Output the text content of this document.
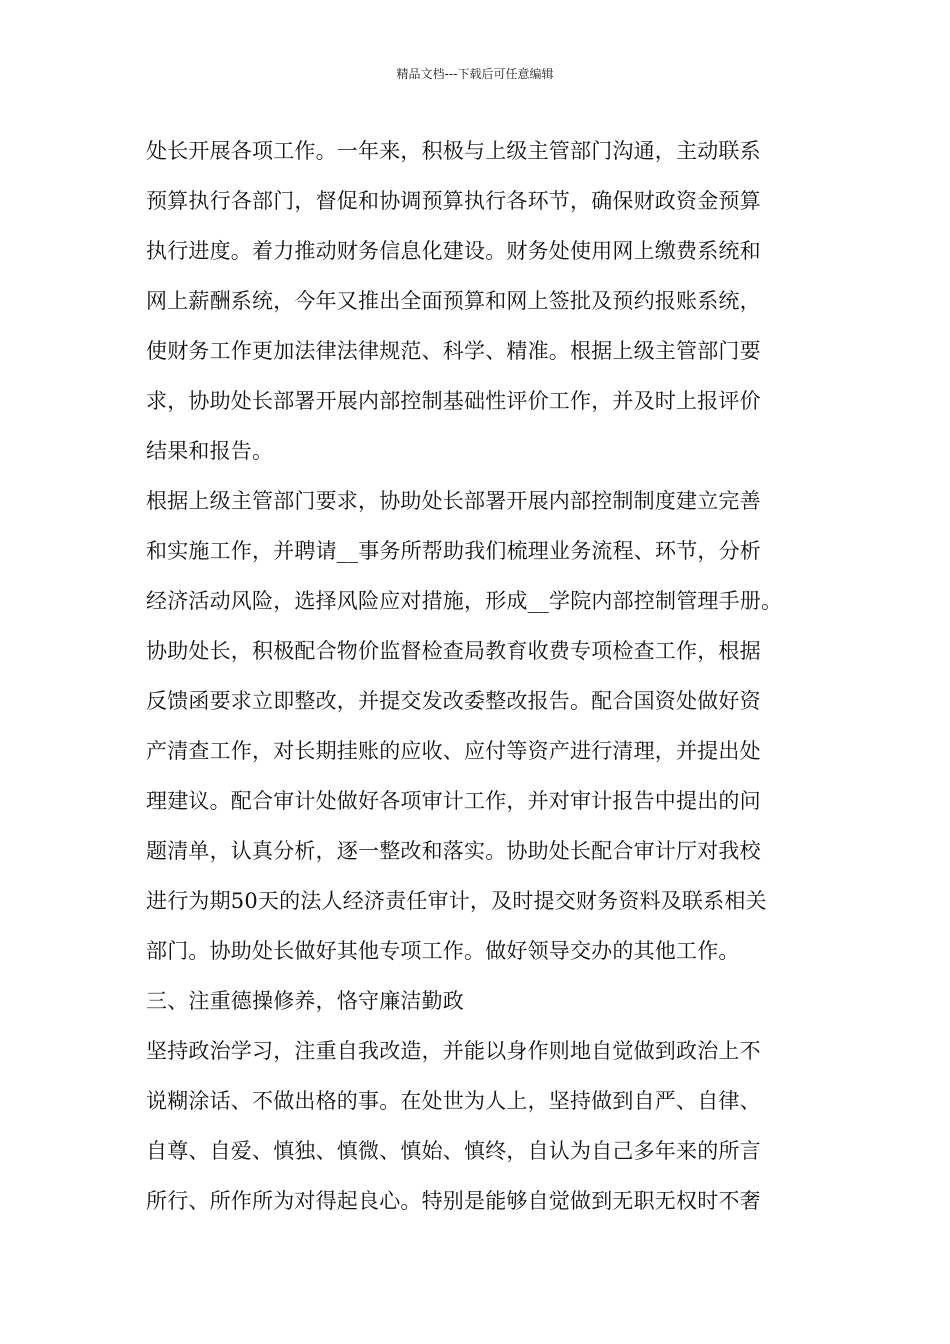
精品文档---下载后可任意编辑
处长开展各项工作。一年来，积极与上级主管部门沟通，主动联系
预算执行各部门，督促和协调预算执行各环节，确保财政资金预算
执行进度。着力推动财务信息化建设。财务处使用网上缴费系统和
网上薪酬系统，今年又推出全面预算和网上签批及预约报账系统，
使财务工作更加法律法律规范、科学、精准。根据上级主管部门要
求，协助处长部署开展内部控制基础性评价工作，并及时上报评价
结果和报告。
根据上级主管部门要求，协助处长部署开展内部控制制度建立完善
和实施工作，并聘请__事务所帮助我们梳理业务流程、环节，分析
经济活动风险，选择风险应对措施，形成__学院内部控制管理手册。
协助处长，积极配合物价监督检查局教育收费专项检查工作，根据
反馈函要求立即整改，并提交发改委整改报告。配合国资处做好资
产清查工作，对长期挂账的应收、应付等资产进行清理，并提出处
理建议。配合审计处做好各项审计工作，并对审计报告中提出的问
题清单，认真分析，逐一整改和落实。协助处长配合审计厅对我校
进行为期50天的法人经济责任审计，及时提交财务资料及联系相关
部门。协助处长做好其他专项工作。做好领导交办的其他工作。
三、注重德操修养，恪守廉洁勤政
坚持政治学习，注重自我改造，并能以身作则地自觉做到政治上不
说糊涂话、不做出格的事。在处世为人上，坚持做到自严、自律、
自尊、自爱、慎独、慎微、慎始、慎终，自认为自己多年来的所言
所行、所作所为对得起良心。特别是能够自觉做到无职无权时不奢
